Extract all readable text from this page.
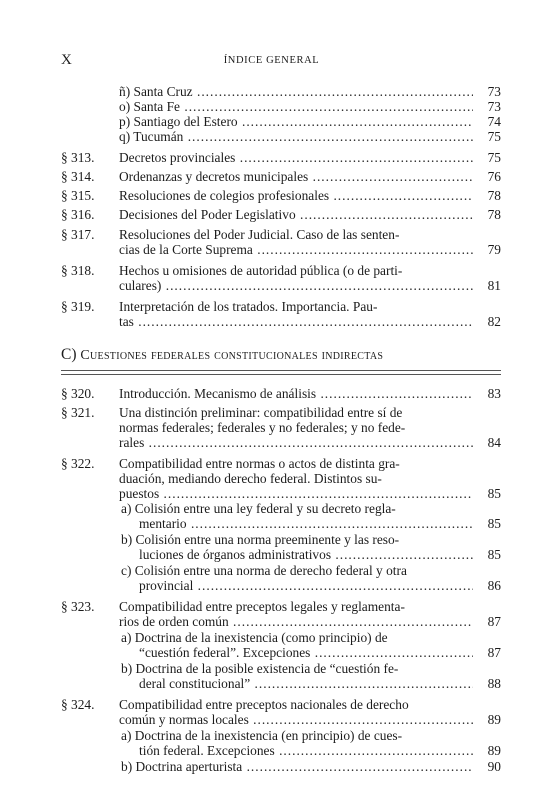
X	ÍNDICE GENERAL
ñ) Santa Cruz .....	73
o) Santa Fe .....	73
p) Santiago del Estero .....	74
q) Tucumán .....	75
§ 313. Decretos provinciales .....	75
§ 314. Ordenanzas y decretos municipales .....	76
§ 315. Resoluciones de colegios profesionales .....	78
§ 316. Decisiones del Poder Legislativo .....	78
§ 317. Resoluciones del Poder Judicial. Caso de las senten-
cias de la Corte Suprema .....	79
§ 318. Hechos u omisiones de autoridad pública (o de parti-
culares) .....	81
§ 319. Interpretación de los tratados. Importancia. Pau-
tas .....	82
§ 320. Introducción. Mecanismo de análisis .....	83
§ 321. Una distinción preliminar: compatibilidad entre sí de
normas federales; federales y no federales; y no fede-
rales .....	84
§ 322. Compatibilidad entre normas o actos de distinta gra-
duación, mediando derecho federal. Distintos su-
puestos .....	85
a) Colisión entre una ley federal y su decreto regla-
mentario .....	85
b) Colisión entre una norma preeminente y las reso-
luciones de órganos administrativos .....	85
c) Colisión entre una norma de derecho federal y otra
provincial .....	86
§ 323. Compatibilidad entre preceptos legales y reglamenta-
rios de orden común .....	87
a) Doctrina de la inexistencia (como principio) de
“cuestión federal”. Excepciones .....	87
b) Doctrina de la posible existencia de “cuestión fe-
deral constitucional” .....	88
§ 324. Compatibilidad entre preceptos nacionales de derecho
común y normas locales .....	89
a) Doctrina de la inexistencia (en principio) de cues-
tión federal. Excepciones .....	89
b) Doctrina aperturista .....	90
C) Cuestiones federales constitucionales indirectas
